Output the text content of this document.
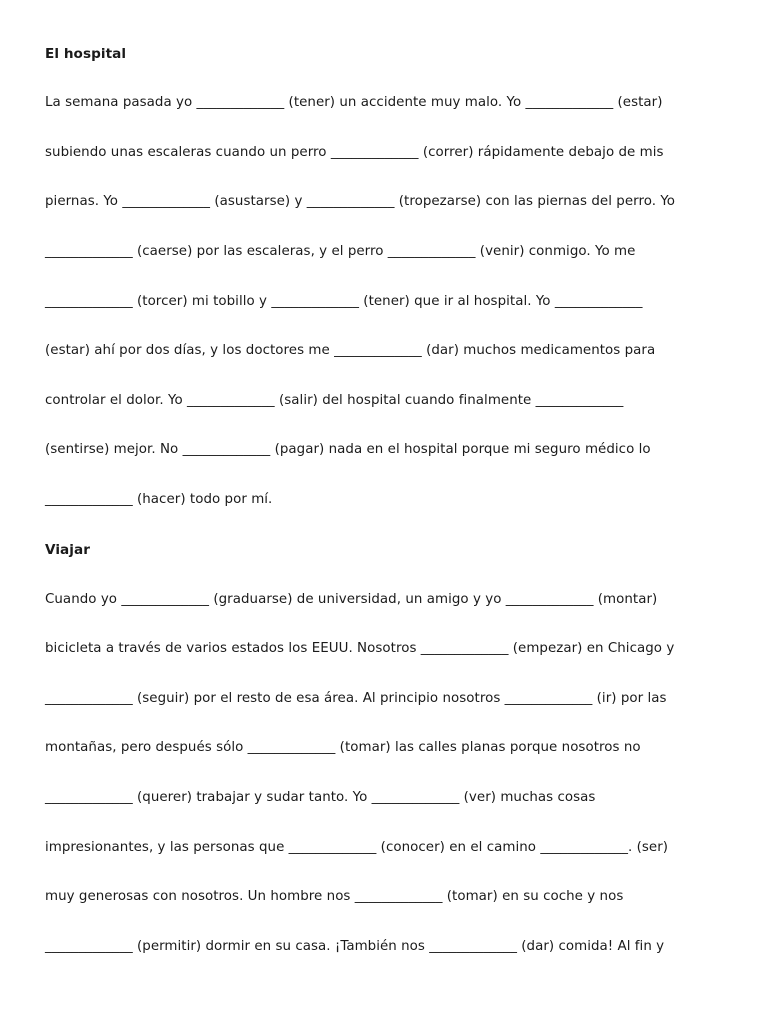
El hospital
La semana pasada yo _____________ (tener) un accidente muy malo. Yo _____________ (estar)
subiendo unas escaleras cuando un perro _____________ (correr) rápidamente debajo de mis
piernas. Yo _____________ (asustarse) y _____________ (tropezarse) con las piernas del perro. Yo
_____________ (caerse) por las escaleras, y el perro _____________ (venir) conmigo. Yo me
_____________ (torcer) mi tobillo y _____________ (tener) que ir al hospital. Yo _____________
(estar) ahí por dos días, y los doctores me _____________ (dar) muchos medicamentos para
controlar el dolor. Yo _____________ (salir) del hospital cuando finalmente _____________
(sentirse) mejor. No _____________ (pagar) nada en el hospital porque mi seguro médico lo
_____________ (hacer) todo por mí.
Viajar
Cuando yo _____________ (graduarse) de universidad, un amigo y yo _____________ (montar)
bicicleta a través de varios estados los EEUU. Nosotros _____________ (empezar) en Chicago y
_____________ (seguir) por el resto de esa área. Al principio nosotros _____________ (ir) por las
montañas, pero después sólo _____________ (tomar) las calles planas porque nosotros no
_____________ (querer) trabajar y sudar tanto. Yo _____________ (ver) muchas cosas
impresionantes, y las personas que _____________ (conocer) en el camino _____________. (ser)
muy generosas con nosotros. Un hombre nos _____________ (tomar) en su coche y nos
_____________ (permitir) dormir en su casa. ¡También nos _____________ (dar) comida! Al fin y
